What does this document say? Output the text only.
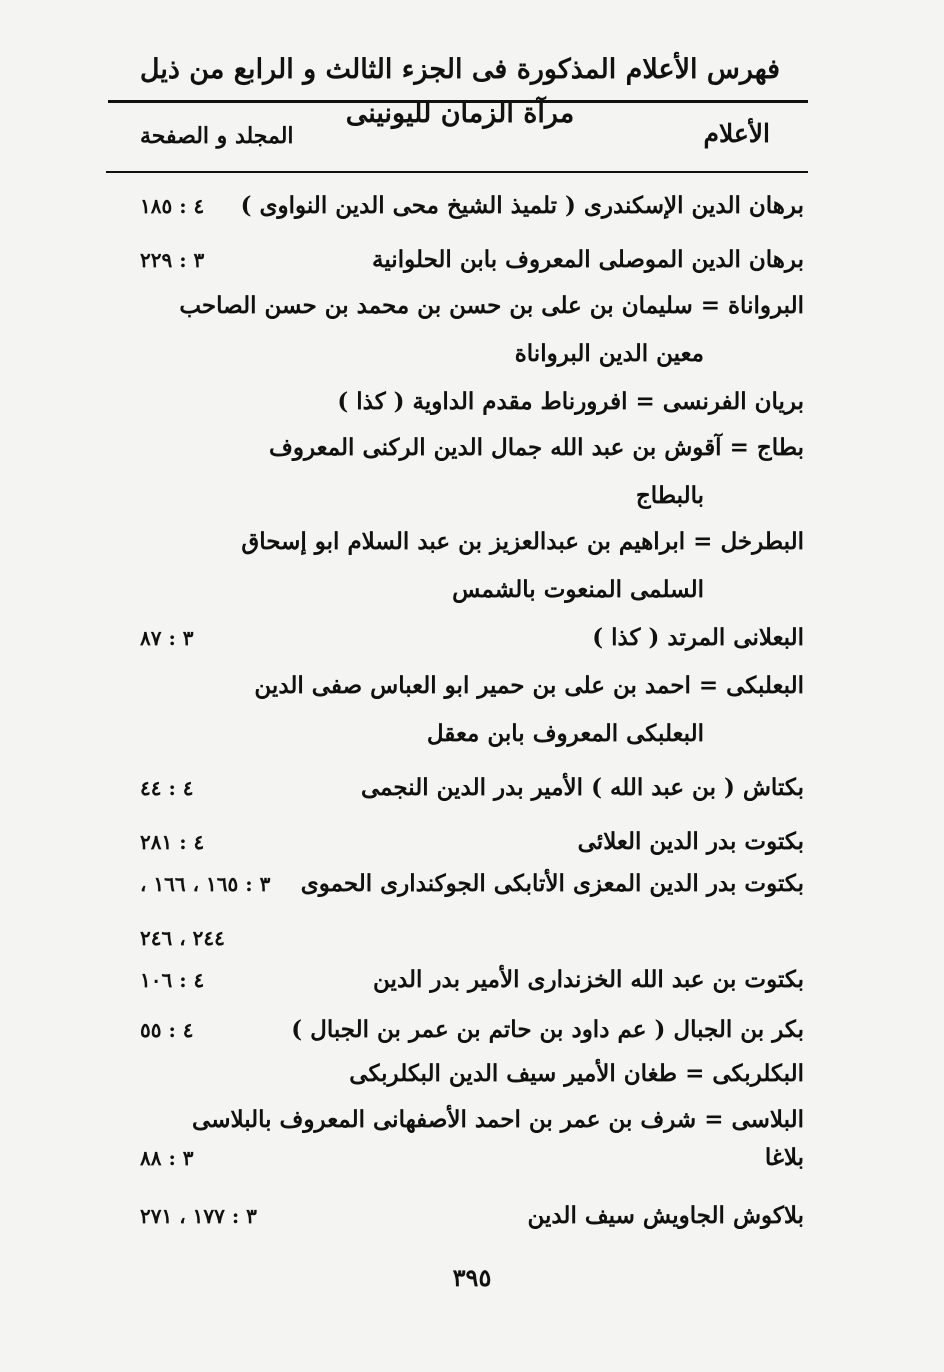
فهرس الأعلام المذكورة فى الجزء الثالث و الرابع من ذيل مرآة الزمان لليونينى
الأعلام
المجلد و الصفحة
برهان الدين الإسكندرى ( تلميذ الشيخ محى الدين النواوى )
٤ : ١٨٥
برهان الدين الموصلى المعروف بابن الحلوانية
٣ : ٢٢٩
البرواناة = سليمان بن على بن حسن بن محمد بن حسن الصاحب
معين الدين البرواناة
بريان الفرنسى = افرورناط مقدم الداوية ( كذا )
بطاج = آقوش بن عبد الله جمال الدين الركنى المعروف
بالبطاج
البطرخل = ابراهيم بن عبدالعزيز بن عبد السلام ابو إسحاق
السلمى المنعوت بالشمس
البعلانى المرتد ( كذا )
٣ : ٨٧
البعلبكى = احمد بن على بن حمير ابو العباس صفى الدين
البعلبكى المعروف بابن معقل
بكتاش ( بن عبد الله ) الأمير بدر الدين النجمى
٤ : ٤٤
بكتوت بدر الدين العلائى
٤ : ٢٨١
بكتوت بدر الدين المعزى الأتابكى الجوكندارى الحموى
٣ : ١٦٥ ، ١٦٦ ،
٢٤٤ ، ٢٤٦
بكتوت بن عبد الله الخزندارى الأمير بدر الدين
٤ : ١٠٦
بكر بن الجبال ( عم داود بن حاتم بن عمر بن الجبال )
٤ : ٥٥
البكلربكى = طغان الأمير سيف الدين البكلربكى
البلاسى = شرف بن عمر بن احمد الأصفهانى المعروف بالبلاسى
بلاغا
٣ : ٨٨
بلاكوش الجاويش سيف الدين
٣ : ١٧٧ ، ٢٧١
٣٩٥
